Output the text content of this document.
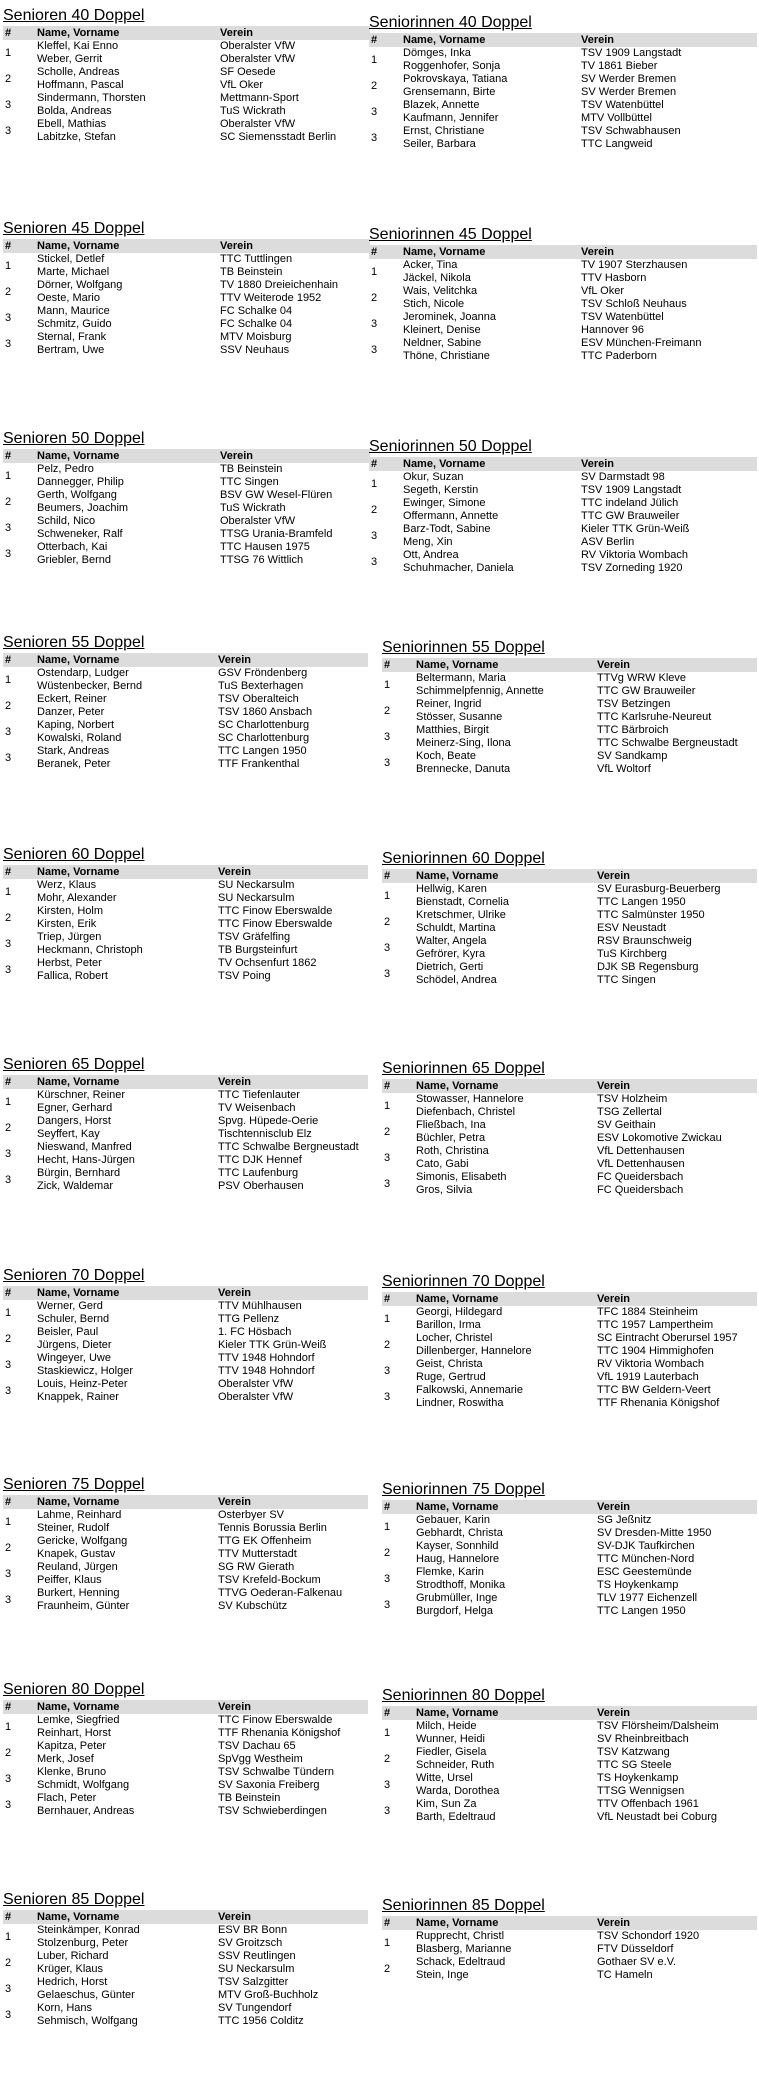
Senioren 40 Doppel
#	Name, Vorname	Verein
1	Kleffel, Kai Enno	Oberalster VfW
	Weber, Gerrit	Oberalster VfW
2	Scholle, Andreas	SF Oesede
	Hoffmann, Pascal	VfL Oker
3	Sindermann, Thorsten	Mettmann-Sport
	Bolda, Andreas	TuS Wickrath
3	Ebell, Mathias	Oberalster VfW
	Labitzke, Stefan	SC Siemensstadt Berlin
Seniorinnen 40 Doppel
#	Name, Vorname	Verein
1	Dömges, Inka	TSV 1909 Langstadt
	Roggenhofer, Sonja	TV 1861 Bieber
2	Pokrovskaya, Tatiana	SV Werder Bremen
	Grensemann, Birte	SV Werder Bremen
3	Blazek, Annette	TSV Watenbüttel
	Kaufmann, Jennifer	MTV Vollbüttel
3	Ernst, Christiane	TSV Schwabhausen
	Seiler, Barbara	TTC Langweid
Senioren 45 Doppel
#	Name, Vorname	Verein
1	Stickel, Detlef	TTC Tuttlingen
	Marte, Michael	TB Beinstein
2	Dörner, Wolfgang	TV 1880 Dreieichenhain
	Oeste, Mario	TTV Weiterode 1952
3	Mann, Maurice	FC Schalke 04
	Schmitz, Guido	FC Schalke 04
3	Sternal, Frank	MTV Moisburg
	Bertram, Uwe	SSV Neuhaus
Seniorinnen 45 Doppel
#	Name, Vorname	Verein
1	Acker, Tina	TV 1907 Sterzhausen
	Jäckel, Nikola	TTV Hasborn
2	Wais, Velitchka	VfL Oker
	Stich, Nicole	TSV Schloß Neuhaus
3	Jerominek, Joanna	TSV Watenbüttel
	Kleinert, Denise	Hannover 96
3	Neldner, Sabine	ESV München-Freimann
	Thöne, Christiane	TTC Paderborn
Senioren 50 Doppel
#	Name, Vorname	Verein
1	Pelz, Pedro	TB Beinstein
	Dannegger, Philip	TTC Singen
2	Gerth, Wolfgang	BSV GW Wesel-Flüren
	Beumers, Joachim	TuS Wickrath
3	Schild, Nico	Oberalster VfW
	Schweneker, Ralf	TTSG Urania-Bramfeld
3	Otterbach, Kai	TTC Hausen 1975
	Griebler, Bernd	TTSG 76 Wittlich
Seniorinnen 50 Doppel
#	Name, Vorname	Verein
1	Okur, Suzan	SV Darmstadt 98
	Segeth, Kerstin	TSV 1909 Langstadt
2	Ewinger, Simone	TTC indeland Jülich
	Offermann, Annette	TTC GW Brauweiler
3	Barz-Todt, Sabine	Kieler TTK Grün-Weiß
	Meng, Xin	ASV Berlin
3	Ott, Andrea	RV Viktoria Wombach
	Schuhmacher, Daniela	TSV Zorneding 1920
Senioren 55 Doppel
#	Name, Vorname	Verein
1	Ostendarp, Ludger	GSV Fröndenberg
	Wüstenbecker, Bernd	TuS Bexterhagen
2	Eckert, Reiner	TSV Oberalteich
	Danzer, Peter	TSV 1860 Ansbach
3	Kaping, Norbert	SC Charlottenburg
	Kowalski, Roland	SC Charlottenburg
3	Stark, Andreas	TTC Langen 1950
	Beranek, Peter	TTF Frankenthal
Seniorinnen 55 Doppel
#	Name, Vorname	Verein
1	Beltermann, Maria	TTVg WRW Kleve
	Schimmelpfennig, Annette	TTC GW Brauweiler
2	Reiner, Ingrid	TSV Betzingen
	Stösser, Susanne	TTC Karlsruhe-Neureut
3	Matthies, Birgit	TTC Bärbroich
	Meinerz-Sing, Ilona	TTC Schwalbe Bergneustadt
3	Koch, Beate	SV Sandkamp
	Brennecke, Danuta	VfL Woltorf
Senioren 60 Doppel
#	Name, Vorname	Verein
1	Werz, Klaus	SU Neckarsulm
	Mohr, Alexander	SU Neckarsulm
2	Kirsten, Holm	TTC Finow Eberswalde
	Kirsten, Erik	TTC Finow Eberswalde
3	Triep, Jürgen	TSV Gräfelfing
	Heckmann, Christoph	TB Burgsteinfurt
3	Herbst, Peter	TV Ochsenfurt 1862
	Fallica, Robert	TSV Poing
Seniorinnen 60 Doppel
#	Name, Vorname	Verein
1	Hellwig, Karen	SV Eurasburg-Beuerberg
	Bienstadt, Cornelia	TTC Langen 1950
2	Kretschmer, Ulrike	TTC Salmünster 1950
	Schuldt, Martina	ESV Neustadt
3	Walter, Angela	RSV Braunschweig
	Gefrörer, Kyra	TuS Kirchberg
3	Dietrich, Gerti	DJK SB Regensburg
	Schödel, Andrea	TTC Singen
Senioren 65 Doppel
#	Name, Vorname	Verein
1	Kürschner, Reiner	TTC Tiefenlauter
	Egner, Gerhard	TV Weisenbach
2	Dangers, Horst	Spvg. Hüpede-Oerie
	Seyffert, Kay	Tischtennisclub Elz
3	Nieswand, Manfred	TTC Schwalbe Bergneustadt
	Hecht, Hans-Jürgen	TTC DJK Hennef
3	Bürgin, Bernhard	TTC Laufenburg
	Zick, Waldemar	PSV Oberhausen
Seniorinnen 65 Doppel
#	Name, Vorname	Verein
1	Stowasser, Hannelore	TSV Holzheim
	Diefenbach, Christel	TSG Zellertal
2	Fließbach, Ina	SV Geithain
	Büchler, Petra	ESV Lokomotive Zwickau
3	Roth, Christina	VfL Dettenhausen
	Cato, Gabi	VfL Dettenhausen
3	Simonis, Elisabeth	FC Queidersbach
	Gros, Silvia	FC Queidersbach
Senioren 70 Doppel
#	Name, Vorname	Verein
1	Werner, Gerd	TTV Mühlhausen
	Schuler, Bernd	TTG Pellenz
2	Beisler, Paul	1. FC Hösbach
	Jürgens, Dieter	Kieler TTK Grün-Weiß
3	Wingeyer, Uwe	TTV 1948 Hohndorf
	Staskiewicz, Holger	TTV 1948 Hohndorf
3	Louis, Heinz-Peter	Oberalster VfW
	Knappek, Rainer	Oberalster VfW
Seniorinnen 70 Doppel
#	Name, Vorname	Verein
1	Georgi, Hildegard	TFC 1884 Steinheim
	Barillon, Irma	TTC 1957 Lampertheim
2	Locher, Christel	SC Eintracht Oberursel 1957
	Dillenberger, Hannelore	TTC 1904 Himmighofen
3	Geist, Christa	RV Viktoria Wombach
	Ruge, Gertrud	VfL 1919 Lauterbach
3	Falkowski, Annemarie	TTC BW Geldern-Veert
	Lindner, Roswitha	TTF Rhenania Königshof
Senioren 75 Doppel
#	Name, Vorname	Verein
1	Lahme, Reinhard	Osterbyer SV
	Steiner, Rudolf	Tennis Borussia Berlin
2	Gericke, Wolfgang	TTG EK Offenheim
	Knapek, Gustav	TTV Mutterstadt
3	Reuland, Jürgen	SG RW Gierath
	Peiffer, Klaus	TSV Krefeld-Bockum
3	Burkert, Henning	TTVG Oederan-Falkenau
	Fraunheim, Günter	SV Kubschütz
Seniorinnen 75 Doppel
#	Name, Vorname	Verein
1	Gebauer, Karin	SG Jeßnitz
	Gebhardt, Christa	SV Dresden-Mitte 1950
2	Kayser, Sonnhild	SV-DJK Taufkirchen
	Haug, Hannelore	TTC München-Nord
3	Flemke, Karin	ESC Geestemünde
	Strodthoff, Monika	TS Hoykenkamp
3	Grubmüller, Inge	TLV 1977 Eichenzell
	Burgdorf, Helga	TTC Langen 1950
Senioren 80 Doppel
#	Name, Vorname	Verein
1	Lemke, Siegfried	TTC Finow Eberswalde
	Reinhart, Horst	TTF Rhenania Königshof
2	Kapitza, Peter	TSV Dachau 65
	Merk, Josef	SpVgg Westheim
3	Klenke, Bruno	TSV Schwalbe Tündern
	Schmidt, Wolfgang	SV Saxonia Freiberg
3	Flach, Peter	TB Beinstein
	Bernhauer, Andreas	TSV Schwieberdingen
Seniorinnen 80 Doppel
#	Name, Vorname	Verein
1	Milch, Heide	TSV Flörsheim/Dalsheim
	Wunner, Heidi	SV Rheinbreitbach
2	Fiedler, Gisela	TSV Katzwang
	Schneider, Ruth	TTC SG Steele
3	Witte, Ursel	TS Hoykenkamp
	Warda, Dorothea	TTSG Wennigsen
3	Kim, Sun Za	TTV Offenbach 1961
	Barth, Edeltraud	VfL Neustadt bei Coburg
Senioren 85 Doppel
#	Name, Vorname	Verein
1	Steinkämper, Konrad	ESV BR Bonn
	Stolzenburg, Peter	SV Groitzsch
2	Luber, Richard	SSV Reutlingen
	Krüger, Klaus	SU Neckarsulm
3	Hedrich, Horst	TSV Salzgitter
	Gelaeschus, Günter	MTV Groß-Buchholz
3	Korn, Hans	SV Tungendorf
	Sehmisch, Wolfgang	TTC 1956 Colditz
Seniorinnen 85 Doppel
#	Name, Vorname	Verein
1	Rupprecht, Christl	TSV Schondorf 1920
	Blasberg, Marianne	FTV Düsseldorf
2	Schack, Edeltraud	Gothaer SV e.V.
	Stein, Inge	TC Hameln
